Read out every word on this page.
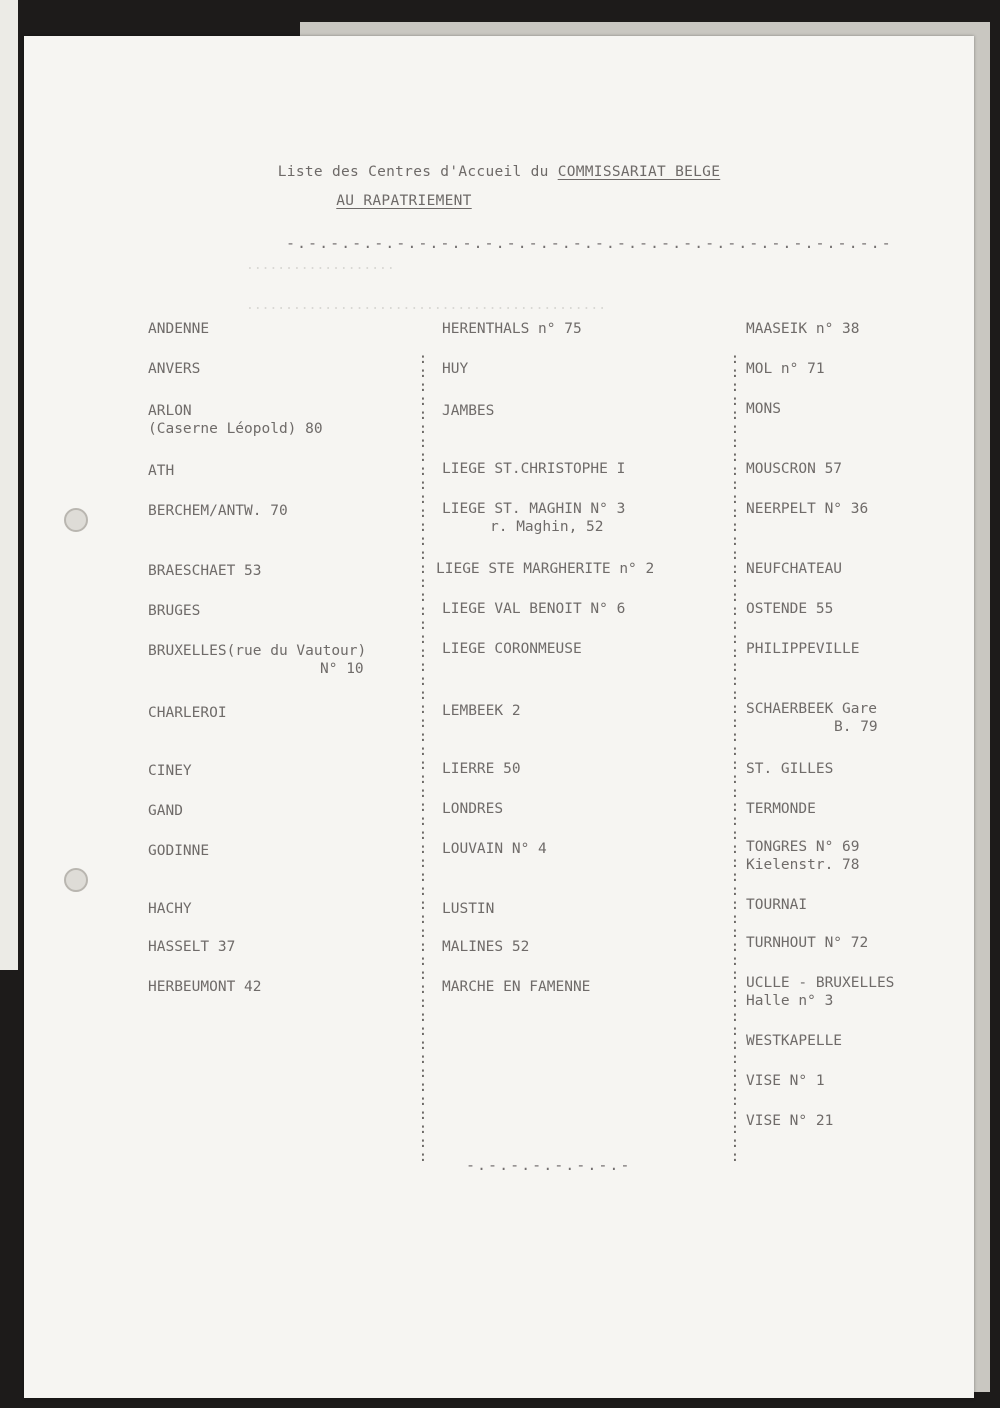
...................
..............................................
Liste des Centres d'Accueil du COMMISSARIAT BELGE
AU RAPATRIEMENT
-.-.-.-.-.-.-.-.-.-.-.-.-.-.-.-.-.-.-.-.-.-.-.-.-.-.-.-
:
:
:
:
:
:
:
:
:
:
:
:
:
:
:
:
:
:
:
:
:
:
:
:
:
:
:
:
:
:
:
:
:
:
:
:
:
:
:
:
:
:
:
:
:
:
:
:
:
:
:
:
:
:
:
:
:
:
:
:
:
:
:
:
:
:
:
:
:
:
:
:
:
:
:
:
:
:
:
:
:
:
:
:
:
:
:
:
:
:
:
:
:
:
:
:
:
:
:
:
:
:
:
:
:
:
:
:
:
:
:
:
:
:
:
:
ANDENNE
ANVERS
ARLON
(Caserne Léopold) 80
ATH
BERCHEM/ANTW. 70
BRAESCHAET 53
BRUGES
BRUXELLES(rue du Vautour)
N° 10
CHARLEROI
CINEY
GAND
GODINNE
HACHY
HASSELT 37
HERBEUMONT 42
HERENTHALS n° 75
HUY
JAMBES
LIEGE ST.CHRISTOPHE I
LIEGE ST. MAGHIN N° 3
r. Maghin, 52
LIEGE STE MARGHERITE n° 2
LIEGE VAL BENOIT N° 6
LIEGE CORONMEUSE
LEMBEEK 2
LIERRE 50
LONDRES
LOUVAIN N° 4
LUSTIN
MALINES 52
MARCHE EN FAMENNE
MAASEIK n° 38
MOL n° 71
MONS
MOUSCRON 57
NEERPELT N° 36
NEUFCHATEAU
OSTENDE 55
PHILIPPEVILLE
SCHAERBEEK Gare
B. 79
ST. GILLES
TERMONDE
TONGRES N° 69
Kielenstr. 78
TOURNAI
TURNHOUT N° 72
UCLLE - BRUXELLES
Halle n° 3
WESTKAPELLE
VISE N° 1
VISE N° 21
-.-.-.-.-.-.-.-
